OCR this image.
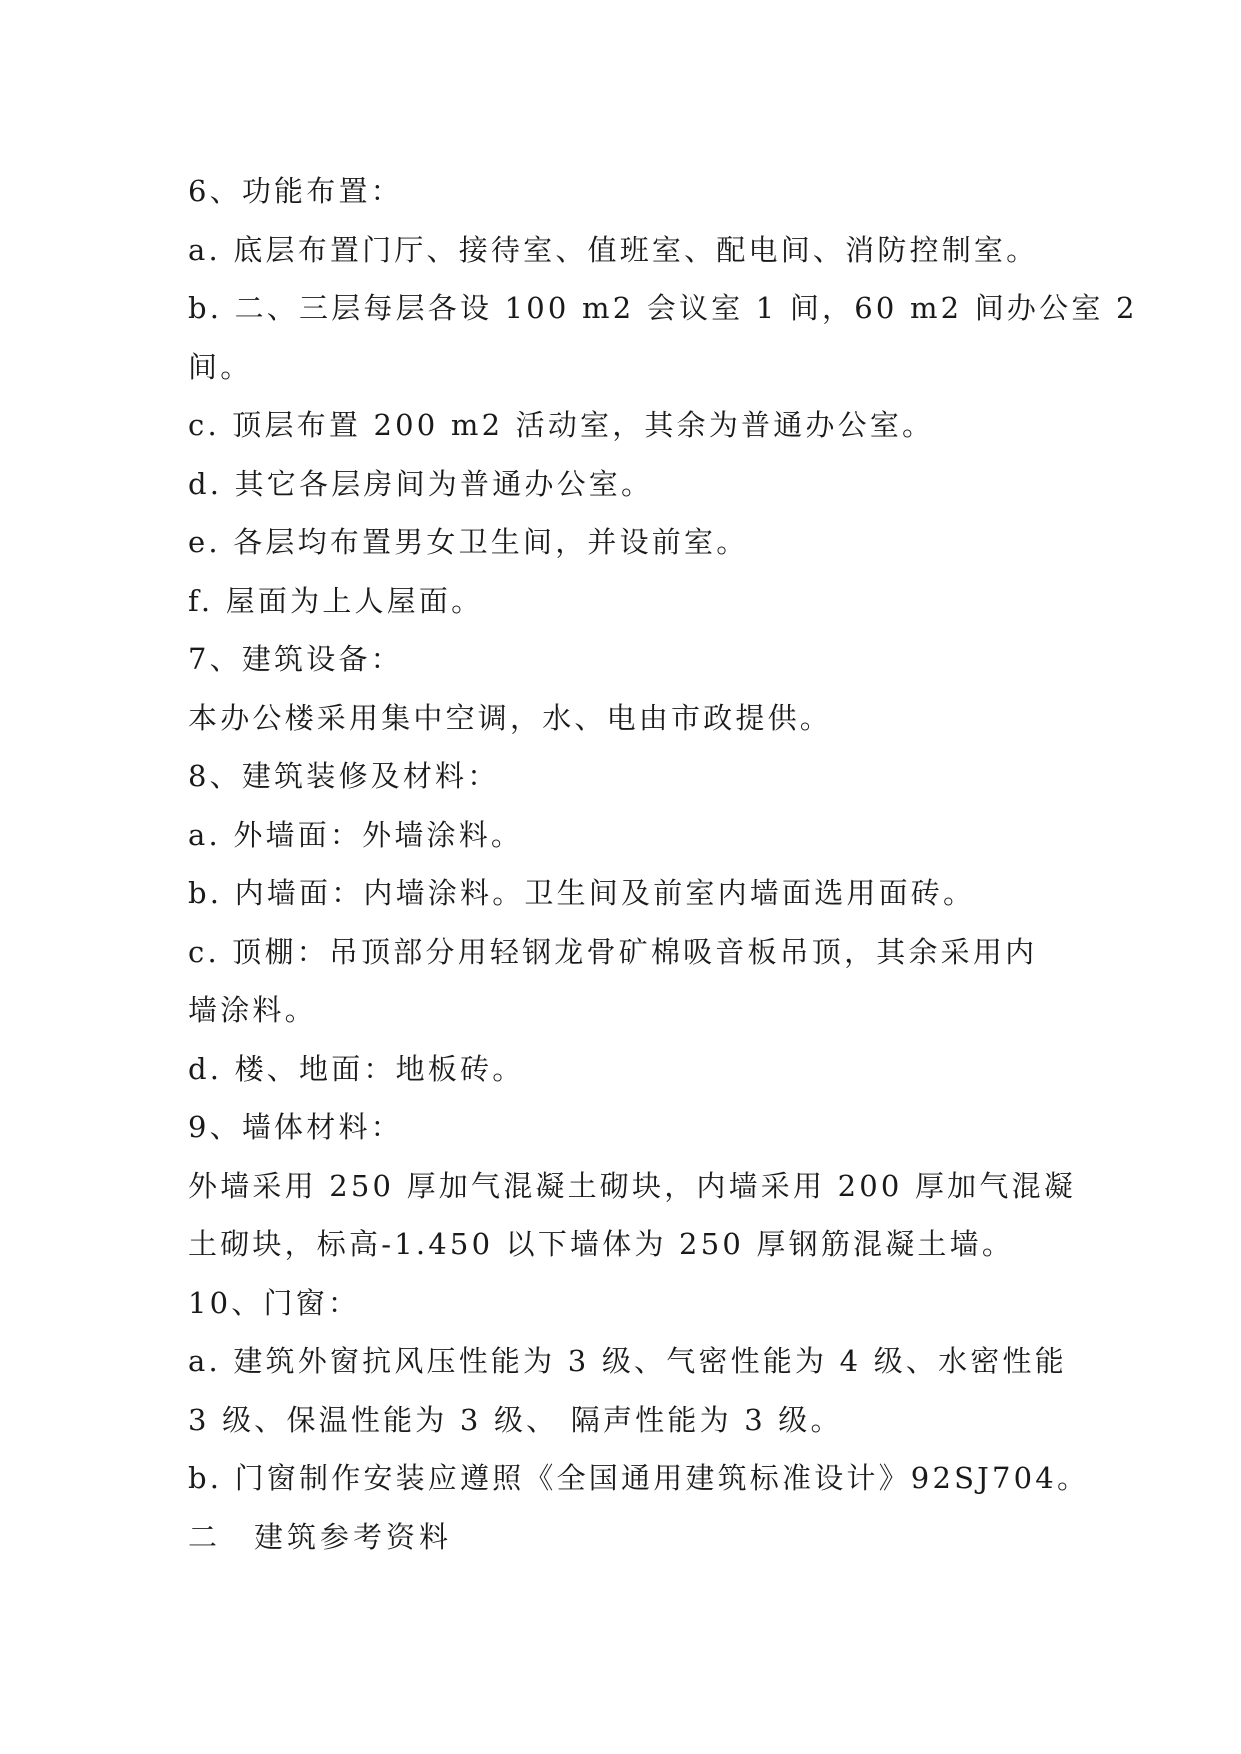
6、功能布置：
a. 底层布置门厅、接待室、值班室、配电间、消防控制室。
b. 二、三层每层各设 100 m2 会议室 1 间，60 m2 间办公室 2
间。
c. 顶层布置 200 m2 活动室，其余为普通办公室。
d. 其它各层房间为普通办公室。
e. 各层均布置男女卫生间，并设前室。
f. 屋面为上人屋面。
7、建筑设备：
本办公楼采用集中空调，水、电由市政提供。
8、建筑装修及材料：
a. 外墙面：外墙涂料。
b. 内墙面：内墙涂料。卫生间及前室内墙面选用面砖。
c. 顶棚：吊顶部分用轻钢龙骨矿棉吸音板吊顶，其余采用内
墙涂料。
d. 楼、地面：地板砖。
9、墙体材料：
外墙采用 250 厚加气混凝土砌块，内墙采用 200 厚加气混凝
土砌块，标高-1.450 以下墙体为 250 厚钢筋混凝土墙。
10、门窗：
a. 建筑外窗抗风压性能为 3 级、气密性能为 4 级、水密性能
3 级、保温性能为 3 级、 隔声性能为 3 级。
b. 门窗制作安装应遵照《全国通用建筑标准设计》92SJ704。
二　建筑参考资料
